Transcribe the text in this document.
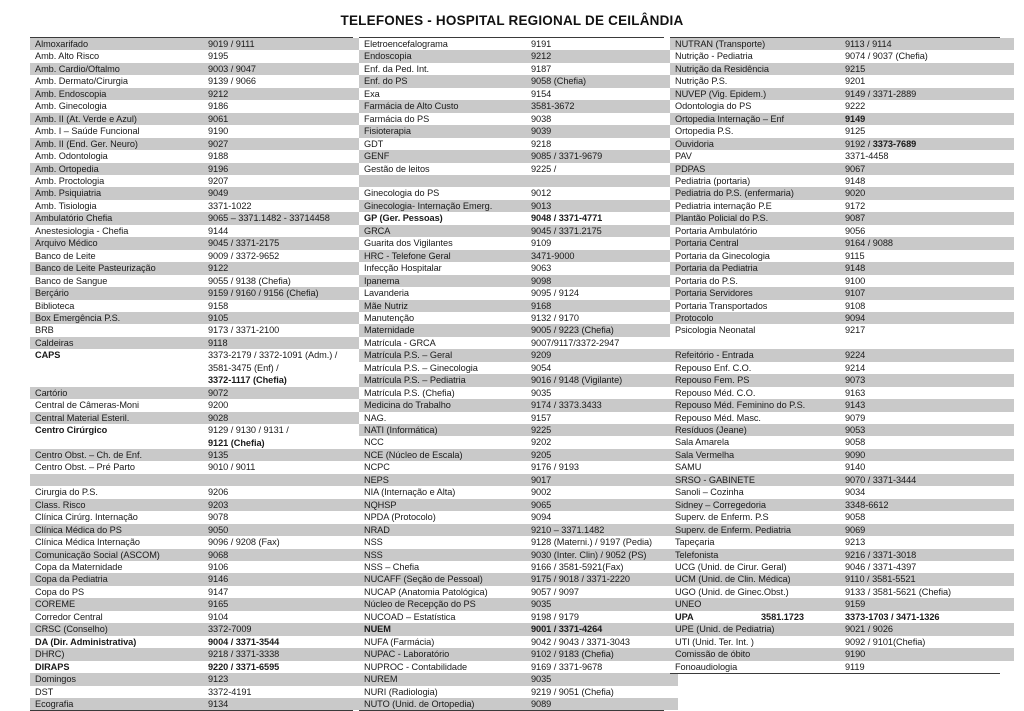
TELEFONES - HOSPITAL REGIONAL DE CEILÂNDIA
Almoxarifado	9019 / 9111
Amb. Alto Risco	9195
Amb. Cardio/Oftalmo	9003 / 9047
Amb. Dermato/Cirurgia	9139 / 9066
Amb. Endoscopia	9212
Amb. Ginecologia	9186
Amb. II (At. Verde e Azul)	9061
Amb. I – Saúde Funcional	9190
Amb. II (End. Ger. Neuro)	9027
Amb. Odontologia	9188
Amb. Ortopedia	9196
Amb. Proctologia	9207
Amb. Psiquiatria	9049
Amb. Tisiologia	3371-1022
Ambulatório Chefia	9065 – 3371.1482 - 33714458
Anestesiologia - Chefia	9144
Arquivo Médico	9045 / 3371-2175
Banco de Leite	9009 / 3372-9652
Banco de Leite Pasteurização	9122
Banco de Sangue	9055 / 9138 (Chefia)
Berçário	9159 / 9160 / 9156 (Chefia)
Biblioteca	9158
Box Emergência P.S.	9105
BRB	9173 / 3371-2100
Caldeiras	9118
CAPS	3373-2179 / 3372-1091 (Adm.) /
	3581-3475 (Enf) /
	3372-1117 (Chefia)
Cartório	9072
Central de Câmeras-Moni	9200
Central Material Esteril.	9028
Centro Cirúrgico	9129 / 9130 / 9131 /
	9121 (Chefia)
Centro Obst. – Ch. de Enf.	9135
Centro Obst. – Pré Parto	9010 / 9011

Cirurgia do P.S.	9206
Class. Risco	9203
Clínica Cirúrg. Internação	9078
Clínica Médica do PS	9050
Clínica Médica Internação	9096 / 9208 (Fax)
Comunicação Social (ASCOM)	9068
Copa da Maternidade	9106
Copa da Pediatria	9146
Copa do PS	9147
COREME	9165
Corredor Central	9104
CRSC (Conselho)	3372-7009
DA (Dir. Administrativa)	9004 / 3371-3544
DHRC)	9218 / 3371-3338
DIRAPS	9220 / 3371-6595
Domingos	9123
DST	3372-4191
Ecografia	9134
Eletroencefalograma	9191
Endoscopia	9212
Enf. da Ped. Int.	9187
Enf. do PS	9058 (Chefia)
Exa	9154
Farmácia de Alto Custo	3581-3672
Farmácia do PS	9038
Fisioterapia	9039
GDT	9218
GENF	9085 / 3371-9679
Gestão de leitos	9225 /

Ginecologia do PS	9012
Ginecologia- Internação Emerg.	9013
GP (Ger. Pessoas)	9048 / 3371-4771
GRCA	9045 / 3371.2175
Guarita dos Vigilantes	9109
HRC - Telefone Geral	3471-9000
Infecção Hospitalar	9063
Ipanema	9098
Lavanderia	9095 / 9124
Mãe Nutriz	9168
Manutenção	9132 / 9170
Maternidade	9005 / 9223 (Chefia)
Matrícula - GRCA	9007/9117/3372-2947
Matrícula P.S. – Geral	9209
Matrícula P.S. – Ginecologia	9054
Matrícula P.S. – Pediatria	9016 / 9148 (Vigilante)
Matrícula P.S. (Chefia)	9035
Medicina do Trabalho	9174 / 3373.3433
NAG.	9157
NATI (Informática)	9225
NCC	9202
NCE (Núcleo de Escala)	9205
NCPC	9176 / 9193
NEPS	9017
NIA (Internação e Alta)	9002
NQHSP	9065
NPDA (Protocolo)	9094
NRAD	9210 – 3371.1482
NSS	9128 (Materni.) / 9197 (Pedia)
NSS	9030 (Inter. Clin) / 9052 (PS)
NSS – Chefia	9166 / 3581-5921(Fax)
NUCAFF (Seção de Pessoal)	9175 / 9018 / 3371-2220
NUCAP (Anatomia Patológica)	9057 / 9097
Núcleo de Recepção do PS	9035
NUCOAD – Estatística	9198 / 9179
NUEM	9001 / 3371-4264
NUFA (Farmácia)	9042 / 9043 / 3371-3043
NUPAC - Laboratório	9102 / 9183 (Chefia)
NUPROC - Contabilidade	9169 / 3371-9678
NUREM	9035
NURI (Radiologia)	9219 / 9051 (Chefia)
NUTO (Unid. de Ortopedia)	9089
NUTRAN (Transporte)	9113 / 9114
Nutrição - Pediatria	9074 / 9037 (Chefia)
Nutrição da Residência	9215
Nutrição P.S.	9201
NUVEP (Vig. Epidem.)	9149 / 3371-2889
Odontologia do PS	9222
Ortopedia Internação – Enf	9149
Ortopedia P.S.	9125
Ouvidoria	9192 / 3373-7689
PAV	3371-4458
PDPAS	9067
Pediatria (portaria)	9148
Pediatria do P.S. (enfermaria)	9020
Pediatria internação P.E	9172
Plantão Policial do P.S.	9087
Portaria Ambulatório	9056
Portaria Central	9164 / 9088
Portaria da Ginecologia	9115
Portaria da Pediatria	9148
Portaria do P.S.	9100
Portaria Servidores	9107
Portaria Transportados	9108
Protocolo	9094
Psicologia Neonatal	9217

Refeitório - Entrada	9224
Repouso Enf. C.O.	9214
Repouso Fem. PS	9073
Repouso Méd. C.O.	9163
Repouso Méd. Feminino do P.S.	9143
Repouso Méd. Masc.	9079
Resíduos (Jeane)	9053
Sala Amarela	9058
Sala Vermelha	9090
SAMU	9140
SRSO - GABINETE	9070 / 3371-3444
Sanoli – Cozinha	9034
Sidney – Corregedoria	3348-6612
Superv. de Enferm. P.S	9058
Superv. de Enferm. Pediatria	9069
Tapeçaria	9213
Telefonista	9216 / 3371-3018
UCG (Unid. de Cirur. Geral)	9046 / 3371-4397
UCM (Unid. de Clin. Médica)	9110 / 3581-5521
UGO (Unid. de Ginec.Obst.)	9133 / 3581-5621 (Chefia)
UNEO	9159

UPA 3581.1723	3373-1703 / 3471-1326
UPE (Unid. de Pediatria)	9021 / 9026
UTI (Unid. Ter. Int. )	9092 / 9101(Chefia)
Comissão de óbito	9190
Fonoaudiologia	9119
